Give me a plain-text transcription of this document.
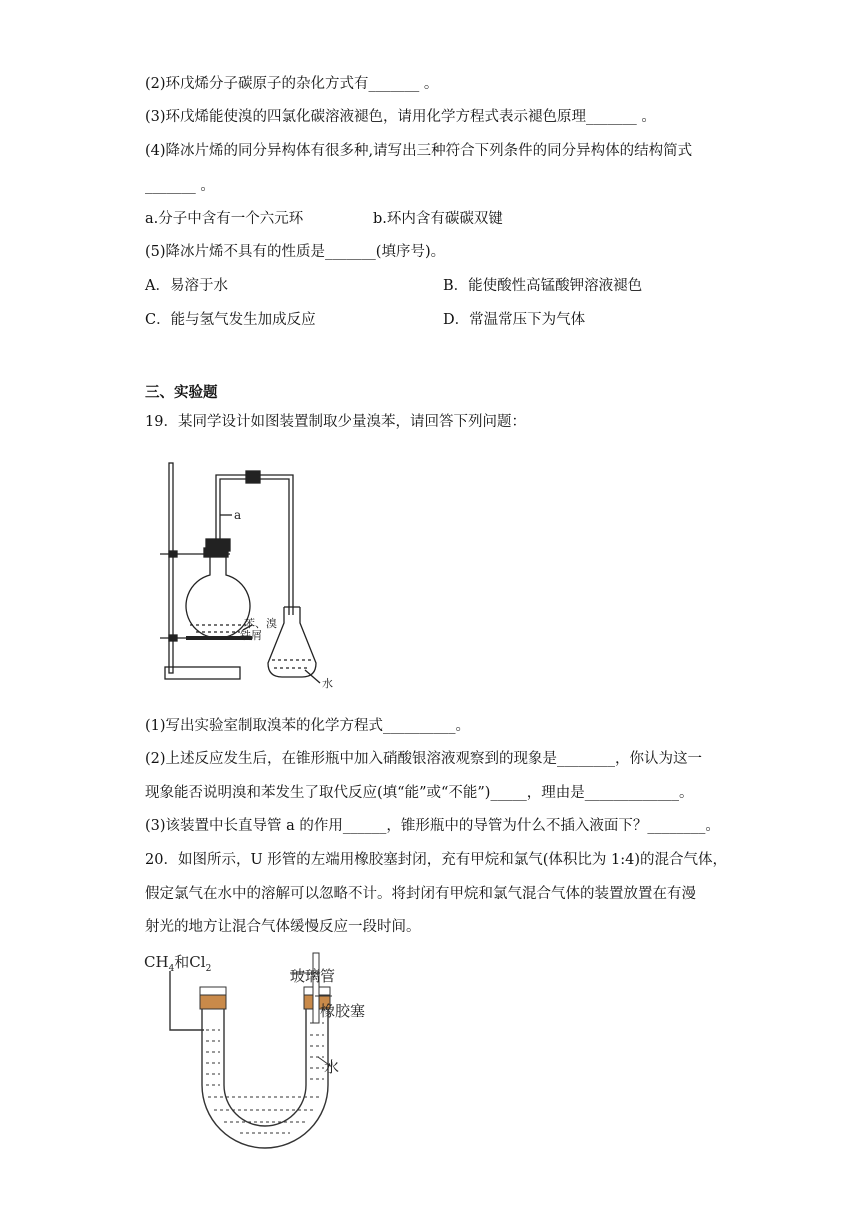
(2)环戊烯分子碳原子的杂化方式有_______ 。
(3)环戊烯能使溴的四氯化碳溶液褪色，请用化学方程式表示褪色原理_______ 。
(4)降冰片烯的同分异构体有很多种,请写出三种符合下列条件的同分异构体的结构简式
_______ 。
a.分子中含有一个六元环	b.环内含有碳碳双键
(5)降冰片烯不具有的性质是_______(填序号)。
A．易溶于水	B．能使酸性高锰酸钾溶液褪色
C．能与氢气发生加成反应	D．常温常压下为气体
三、实验题
19．某同学设计如图装置制取少量溴苯，请回答下列问题：
a
苯、溴
铁屑
水
(1)写出实验室制取溴苯的化学方程式__________。
(2)上述反应发生后，在锥形瓶中加入硝酸银溶液观察到的现象是________，你认为这一
现象能否说明溴和苯发生了取代反应(填“能”或“不能”)_____，理由是_____________。
(3)该装置中长直导管 a 的作用______，锥形瓶中的导管为什么不插入液面下？________。
20．如图所示，U 形管的左端用橡胶塞封闭，充有甲烷和氯气(体积比为 1:4)的混合气体，
假定氯气在水中的溶解可以忽略不计。将封闭有甲烷和氯气混合气体的装置放置在有漫
射光的地方让混合气体缓慢反应一段时间。
$CH_4$和$Cl_2$	玻璃管
橡胶塞
水
